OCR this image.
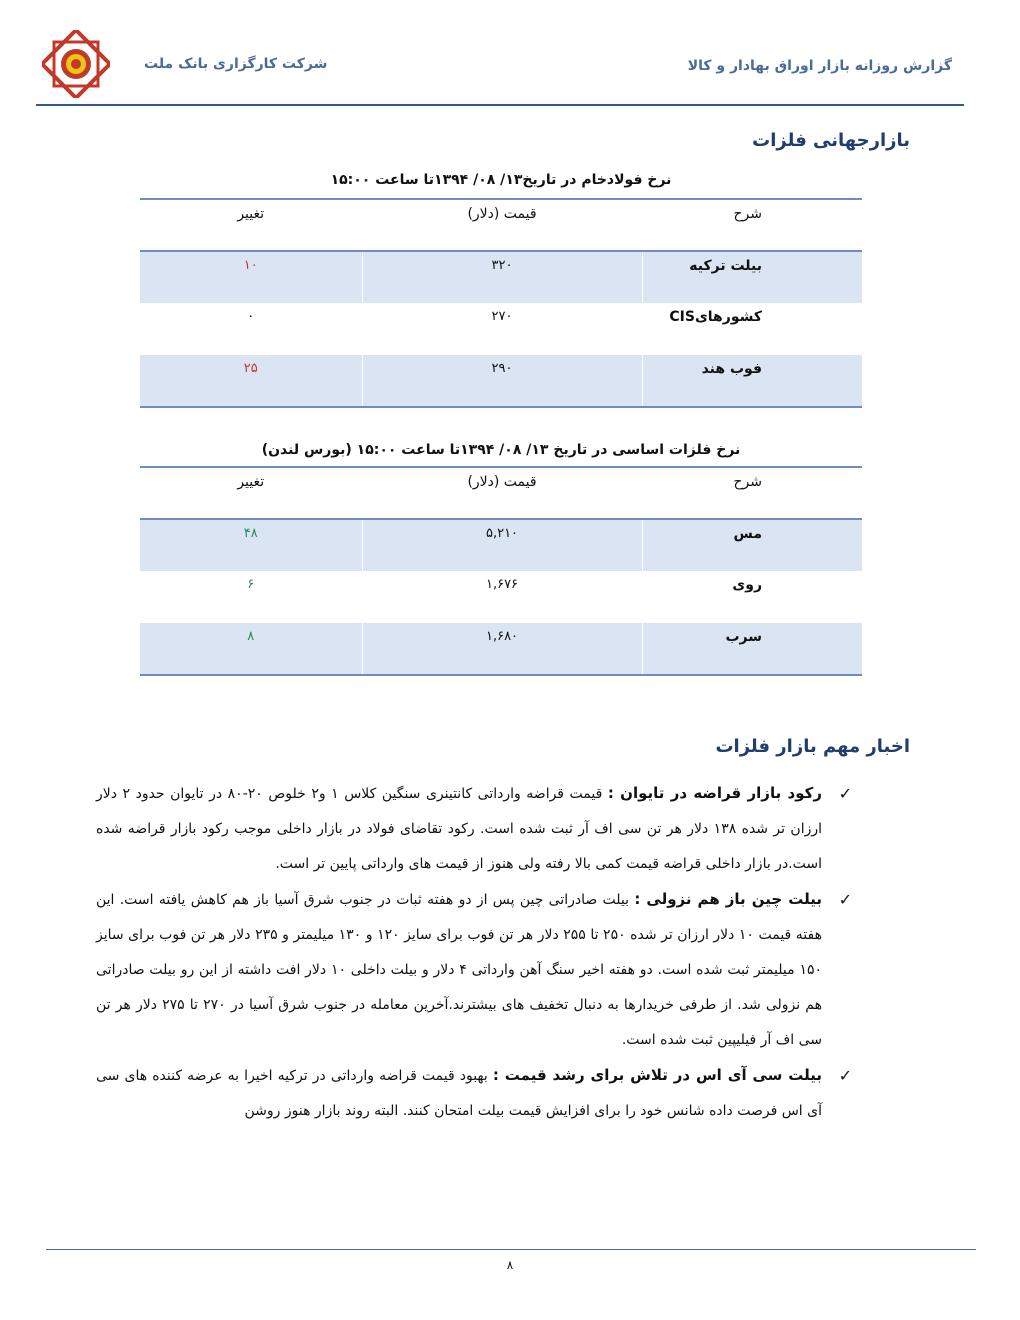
شرکت کارگزاری بانک ملت	گزارش روزانه بازار اوراق بهادار و کالا
بازارجهانی فلزات
نرخ فولادخام در تاریخ۱۳/ ۰۸/ ۱۳۹۴تا ساعت ۱۵:۰۰
شرح	قیمت (دلار)	تغییر
بیلت ترکیه	۳۲۰	۱۰
کشورهایCIS	۲۷۰	۰
فوب هند	۲۹۰	۲۵
نرخ فلزات اساسی در تاریخ ۱۳/ ۰۸/ ۱۳۹۴تا ساعت ۱۵:۰۰ (بورس لندن)
شرح	قیمت (دلار)	تغییر
مس	۵,۲۱۰	۴۸
روی	۱,۶۷۶	۶
سرب	۱,۶۸۰	۸
اخبار مهم بازار فلزات
✓
رکود بازار قراضه در تایوان : قیمت قراضه وارداتی کانتینری سنگین کلاس ۱ و۲ خلوص ۲۰-۸۰ در تایوان حدود ۲ دلار ارزان تر شده ۱۳۸ دلار هر تن سی اف آر ثبت شده است. رکود تقاضای فولاد در بازار داخلی موجب رکود بازار قراضه شده است.در بازار داخلی قراضه قیمت کمی بالا رفته ولی هنوز از قیمت های وارداتی پایین تر است.
✓
بیلت چین باز هم نزولی : بیلت صادراتی چین پس از دو هفته ثبات در جنوب شرق آسیا باز هم کاهش یافته است. این هفته قیمت ۱۰ دلار ارزان تر شده ۲۵۰ تا ۲۵۵ دلار هر تن فوب برای سایز ۱۲۰ و ۱۳۰ میلیمتر و ۲۳۵ دلار هر تن فوب برای سایز ۱۵۰ میلیمتر ثبت شده است. دو هفته اخیر سنگ آهن وارداتی ۴ دلار و بیلت داخلی ۱۰ دلار افت داشته از این رو بیلت صادراتی هم نزولی شد. از طرفی خریدارها به دنبال تخفیف های بیشترند.آخرین معامله در جنوب شرق آسیا در ۲۷۰ تا ۲۷۵ دلار هر تن سی اف آر فیلیپین ثبت شده است.
✓
بیلت سی آی اس در تلاش برای رشد قیمت : بهبود قیمت قراضه وارداتی در ترکیه اخیرا به عرضه کننده های سی آی اس فرصت داده شانس خود را برای افزایش قیمت بیلت امتحان کنند. البته روند بازار هنوز روشن
۸
